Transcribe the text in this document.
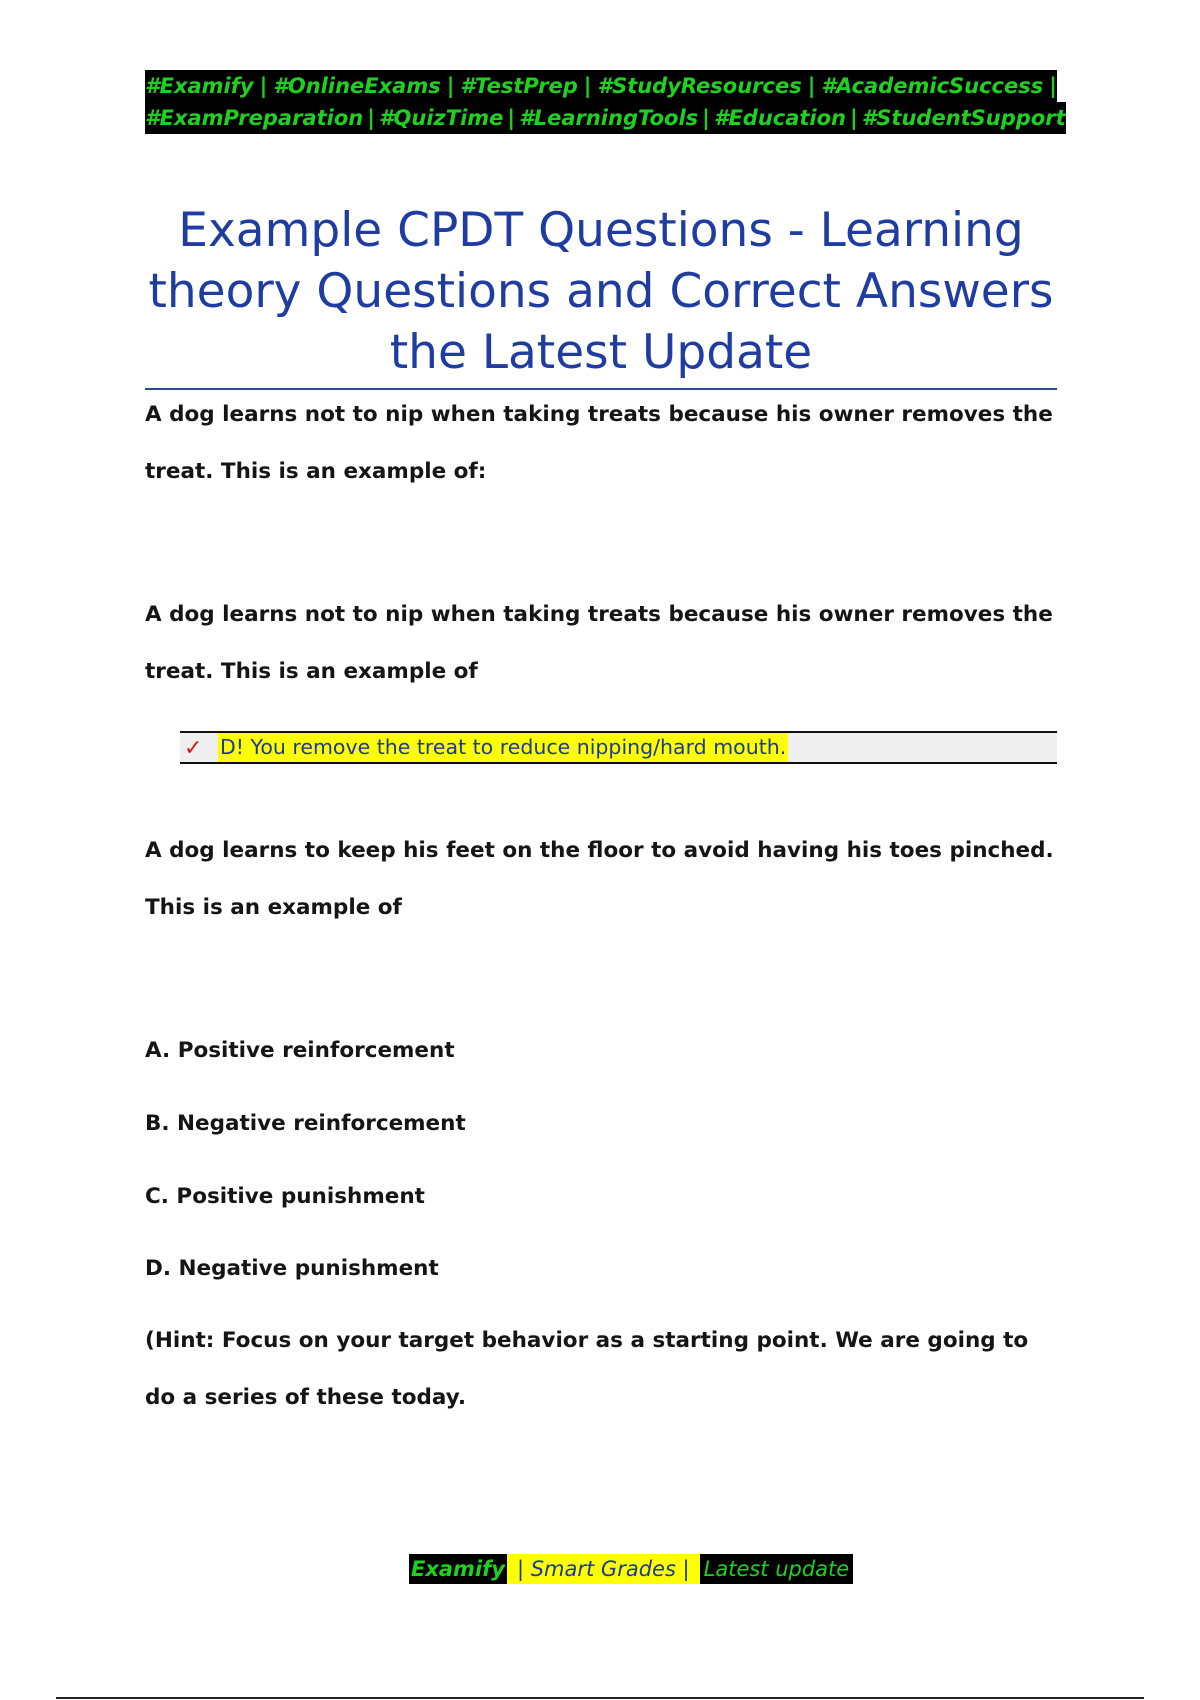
#Examify | #OnlineExams | #TestPrep | #StudyResources | #AcademicSuccess |
#ExamPreparation | #QuizTime | #LearningTools | #Education | #StudentSupport
Example CPDT Questions - Learning
theory Questions and Correct Answers
the Latest Update
A dog learns not to nip when taking treats because his owner removes the treat. This is an example of:
A dog learns not to nip when taking treats because his owner removes the treat. This is an example of
✓ D! You remove the treat to reduce nipping/hard mouth.
A dog learns to keep his feet on the floor to avoid having his toes pinched. This is an example of
A. Positive reinforcement
B. Negative reinforcement
C. Positive punishment
D. Negative punishment
(Hint: Focus on your target behavior as a starting point. We are going to do a series of these today.
Examify | Smart Grades | Latest update
